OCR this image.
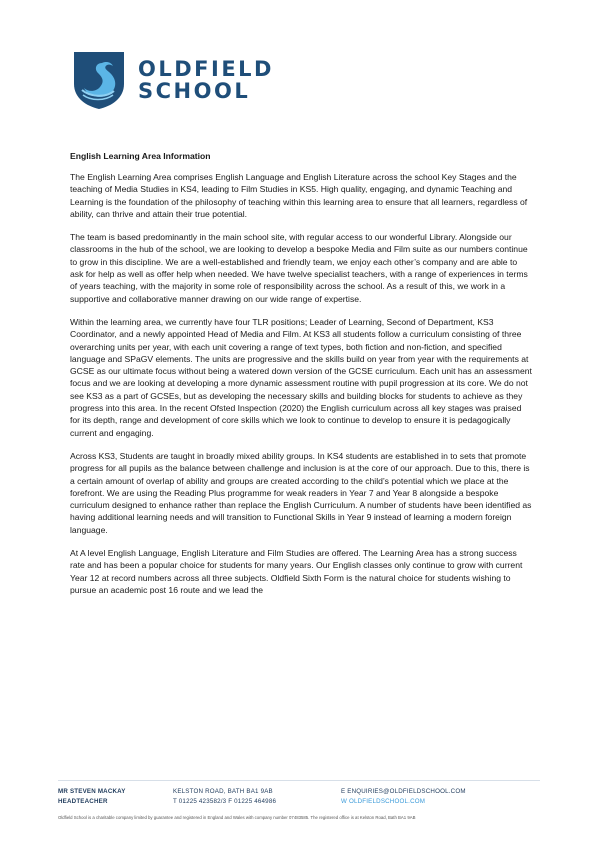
OLDFIELD
SCHOOL

English Learning Area Information

The English Learning Area comprises English Language and English Literature across the school Key Stages and the teaching of Media Studies in KS4, leading to Film Studies in KS5. High quality, engaging, and dynamic Teaching and Learning is the foundation of the philosophy of teaching within this learning area to ensure that all learners, regardless of ability, can thrive and attain their true potential.

The team is based predominantly in the main school site, with regular access to our wonderful Library. Alongside our classrooms in the hub of the school, we are looking to develop a bespoke Media and Film suite as our numbers continue to grow in this discipline. We are a well-established and friendly team, we enjoy each other’s company and are able to ask for help as well as offer help when needed. We have twelve specialist teachers, with a range of experiences in terms of years teaching, with the majority in some role of responsibility across the school. As a result of this, we work in a supportive and collaborative manner drawing on our wide range of expertise.

Within the learning area, we currently have four TLR positions; Leader of Learning, Second of Department, KS3 Coordinator, and a newly appointed Head of Media and Film. At KS3 all students follow a curriculum consisting of three overarching units per year, with each unit covering a range of text types, both fiction and non-fiction, and specified language and SPaGV elements. The units are progressive and the skills build on year from year with the requirements at GCSE as our ultimate focus without being a watered down version of the GCSE curriculum. Each unit has an assessment focus and we are looking at developing a more dynamic assessment routine with pupil progression at its core. We do not see KS3 as a part of GCSEs, but as developing the necessary skills and building blocks for students to achieve as they progress into this area. In the recent Ofsted Inspection (2020) the English curriculum across all key stages was praised for its depth, range and development of core skills which we look to continue to develop to ensure it is pedagogically current and engaging.

Across KS3, Students are taught in broadly mixed ability groups. In KS4 students are established in to sets that promote progress for all pupils as the balance between challenge and inclusion is at the core of our approach. Due to this, there is a certain amount of overlap of ability and groups are created according to the child’s potential which we place at the forefront. We are using the Reading Plus programme for weak readers in Year 7 and Year 8 alongside a bespoke curriculum designed to enhance rather than replace the English Curriculum. A number of students have been identified as having additional learning needs and will transition to Functional Skills in Year 9 instead of learning a modern foreign language.

At A level English Language, English Literature and Film Studies are offered. The Learning Area has a strong success rate and has been a popular choice for students for many years. Our English classes only continue to grow with current Year 12 at record numbers across all three subjects. Oldfield Sixth Form is the natural choice for students wishing to pursue an academic post 16 route and we lead the

MR STEVEN MACKAY
HEADTEACHER
KELSTON ROAD, BATH BA1 9AB
T 01225 423582/3 F 01225 464986
E ENQUIRIES@OLDFIELDSCHOOL.COM
W OLDFIELDSCHOOL.COM
Oldfield School is a charitable company limited by guarantee and registered in England and Wales with company number 07483585. The registered office is at Kelston Road, Bath BA1 9AB
